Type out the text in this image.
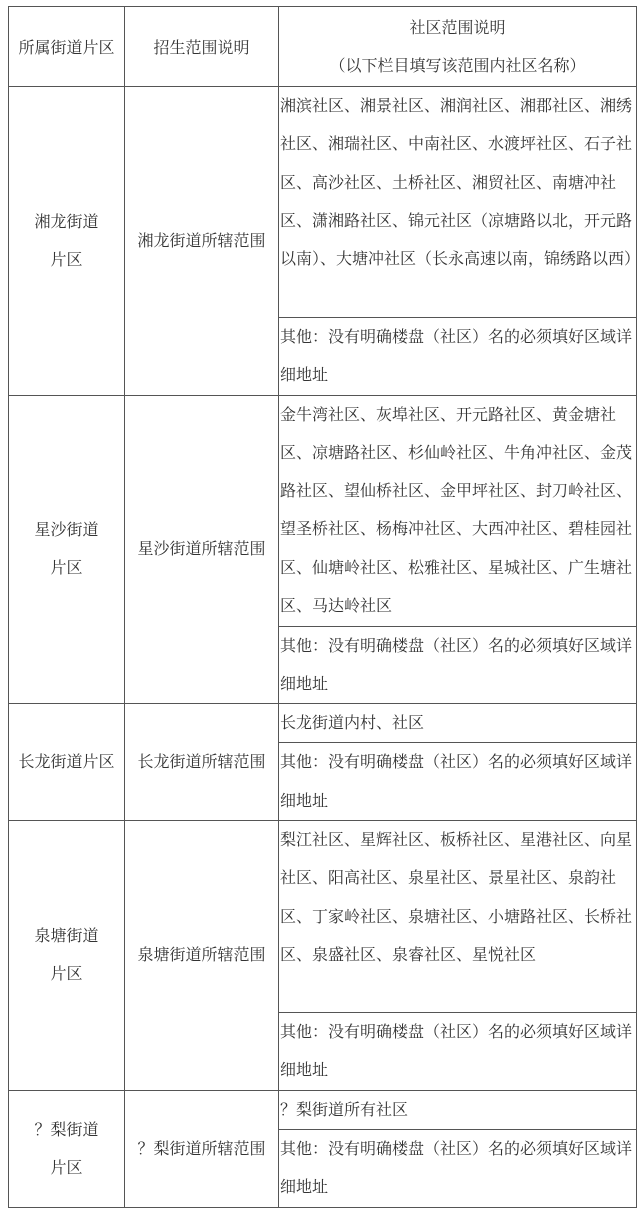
所属街道片区	招生范围说明	社区范围说明
（以下栏目填写该范围内社区名称）

湘龙街道片区	湘龙街道所辖范围	湘滨社区、湘景社区、湘润社区、湘郡社区、湘绣社区、湘瑞社区、中南社区、水渡坪社区、石子社区、高沙社区、土桥社区、湘贸社区、南塘冲社区、潇湘路社区、锦元社区（凉塘路以北，开元路以南）、大塘冲社区（长永高速以南，锦绣路以西）
		其他：没有明确楼盘（社区）名的必须填好区域详细地址
星沙街道片区	星沙街道所辖范围	金牛湾社区、灰埠社区、开元路社区、黄金塘社区、凉塘路社区、杉仙岭社区、牛角冲社区、金茂路社区、望仙桥社区、金甲坪社区、封刀岭社区、望圣桥社区、杨梅冲社区、大西冲社区、碧桂园社区、仙塘岭社区、松雅社区、星城社区、广生塘社区、马达岭社区
		其他：没有明确楼盘（社区）名的必须填好区域详细地址
长龙街道片区	长龙街道所辖范围	长龙街道内村、社区
		其他：没有明确楼盘（社区）名的必须填好区域详细地址
泉塘街道片区	泉塘街道所辖范围	梨江社区、星辉社区、板桥社区、星港社区、向星社区、阳高社区、泉星社区、景星社区、泉韵社区、丁家岭社区、泉塘社区、小塘路社区、长桥社区、泉盛社区、泉睿社区、星悦社区
		其他：没有明确楼盘（社区）名的必须填好区域详细地址
？梨街道片区	？梨街道所辖范围	？梨街道所有社区
		其他：没有明确楼盘（社区）名的必须填好区域详细地址
